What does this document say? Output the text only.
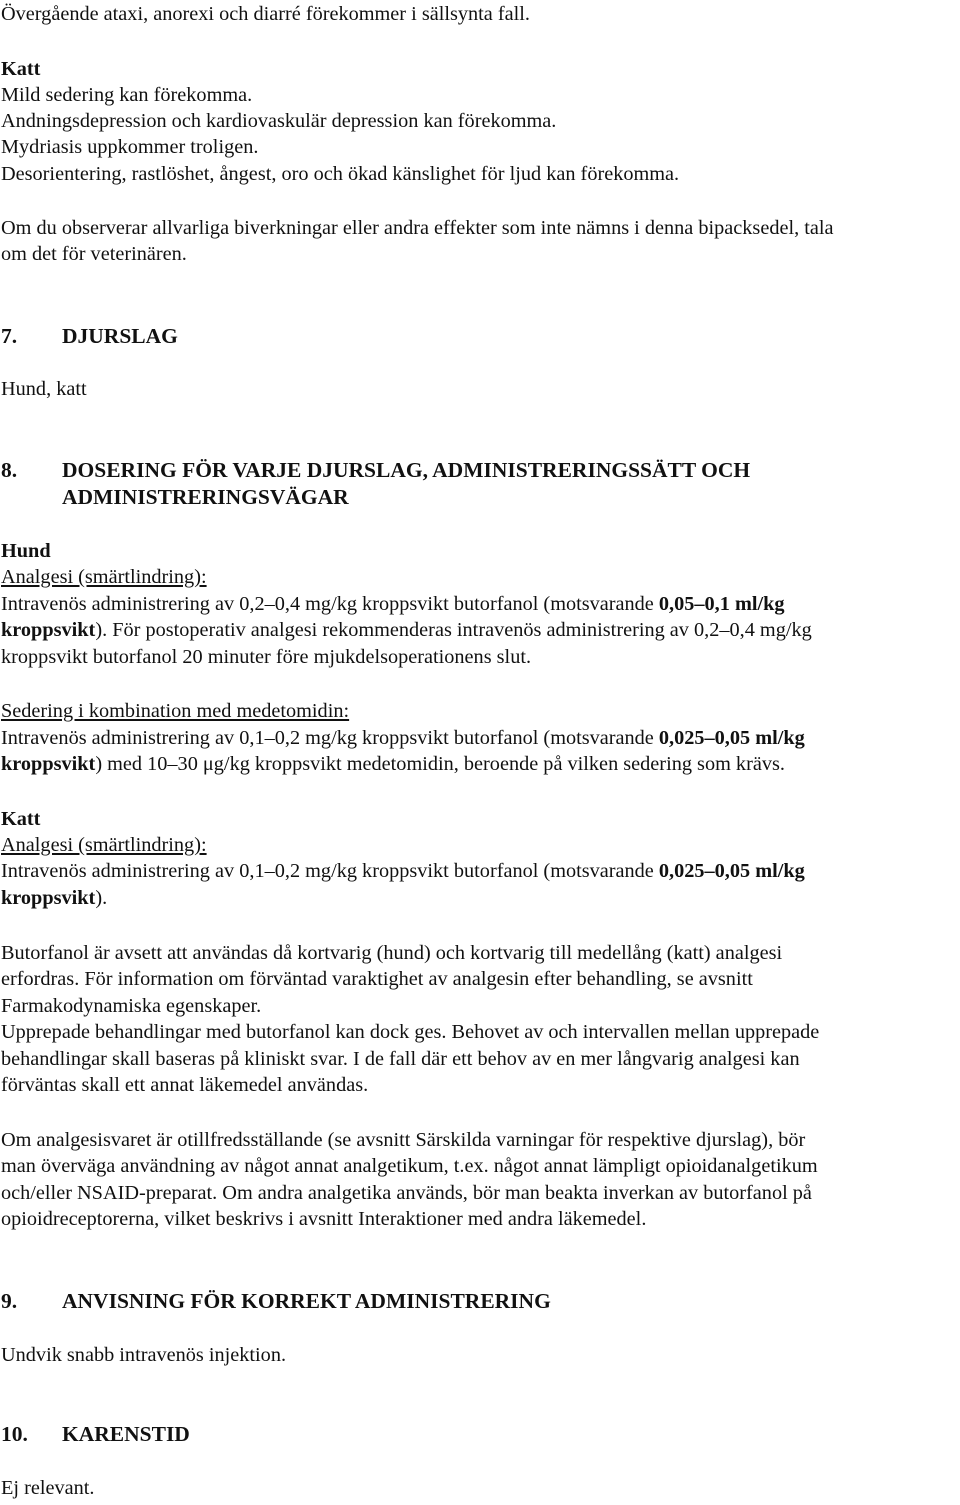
Övergående ataxi, anorexi och diarré förekommer i sällsynta fall.
Katt
Mild sedering kan förekomma.
Andningsdepression och kardiovaskulär depression kan förekomma.
Mydriasis uppkommer troligen.
Desorientering, rastlöshet, ångest, oro och ökad känslighet för ljud kan förekomma.
Om du observerar allvarliga biverkningar eller andra effekter som inte nämns i denna bipacksedel, tala
om det för veterinären.
7. DJURSLAG
Hund, katt
8. DOSERING FÖR VARJE DJURSLAG, ADMINISTRERINGSSÄTT OCH
ADMINISTRERINGSVÄGAR
Hund
Analgesi (smärtlindring):
Intravenös administrering av 0,2–0,4 mg/kg kroppsvikt butorfanol (motsvarande 0,05–0,1 ml/kg
kroppsvikt). För postoperativ analgesi rekommenderas intravenös administrering av 0,2–0,4 mg/kg
kroppsvikt butorfanol 20 minuter före mjukdelsoperationens slut.
Sedering i kombination med medetomidin:
Intravenös administrering av 0,1–0,2 mg/kg kroppsvikt butorfanol (motsvarande 0,025–0,05 ml/kg
kroppsvikt) med 10–30 μg/kg kroppsvikt medetomidin, beroende på vilken sedering som krävs.
Katt
Analgesi (smärtlindring):
Intravenös administrering av 0,1–0,2 mg/kg kroppsvikt butorfanol (motsvarande 0,025–0,05 ml/kg
kroppsvikt).
Butorfanol är avsett att användas då kortvarig (hund) och kortvarig till medellång (katt) analgesi
erfordras. För information om förväntad varaktighet av analgesin efter behandling, se avsnitt
Farmakodynamiska egenskaper.
Upprepade behandlingar med butorfanol kan dock ges. Behovet av och intervallen mellan upprepade
behandlingar skall baseras på kliniskt svar. I de fall där ett behov av en mer långvarig analgesi kan
förväntas skall ett annat läkemedel användas.
Om analgesisvaret är otillfredsställande (se avsnitt Särskilda varningar för respektive djurslag), bör
man överväga användning av något annat analgetikum, t.ex. något annat lämpligt opioidanalgetikum
och/eller NSAID-preparat. Om andra analgetika används, bör man beakta inverkan av butorfanol på
opioidreceptorerna, vilket beskrivs i avsnitt Interaktioner med andra läkemedel.
9. ANVISNING FÖR KORREKT ADMINISTRERING
Undvik snabb intravenös injektion.
10. KARENSTID
Ej relevant.
